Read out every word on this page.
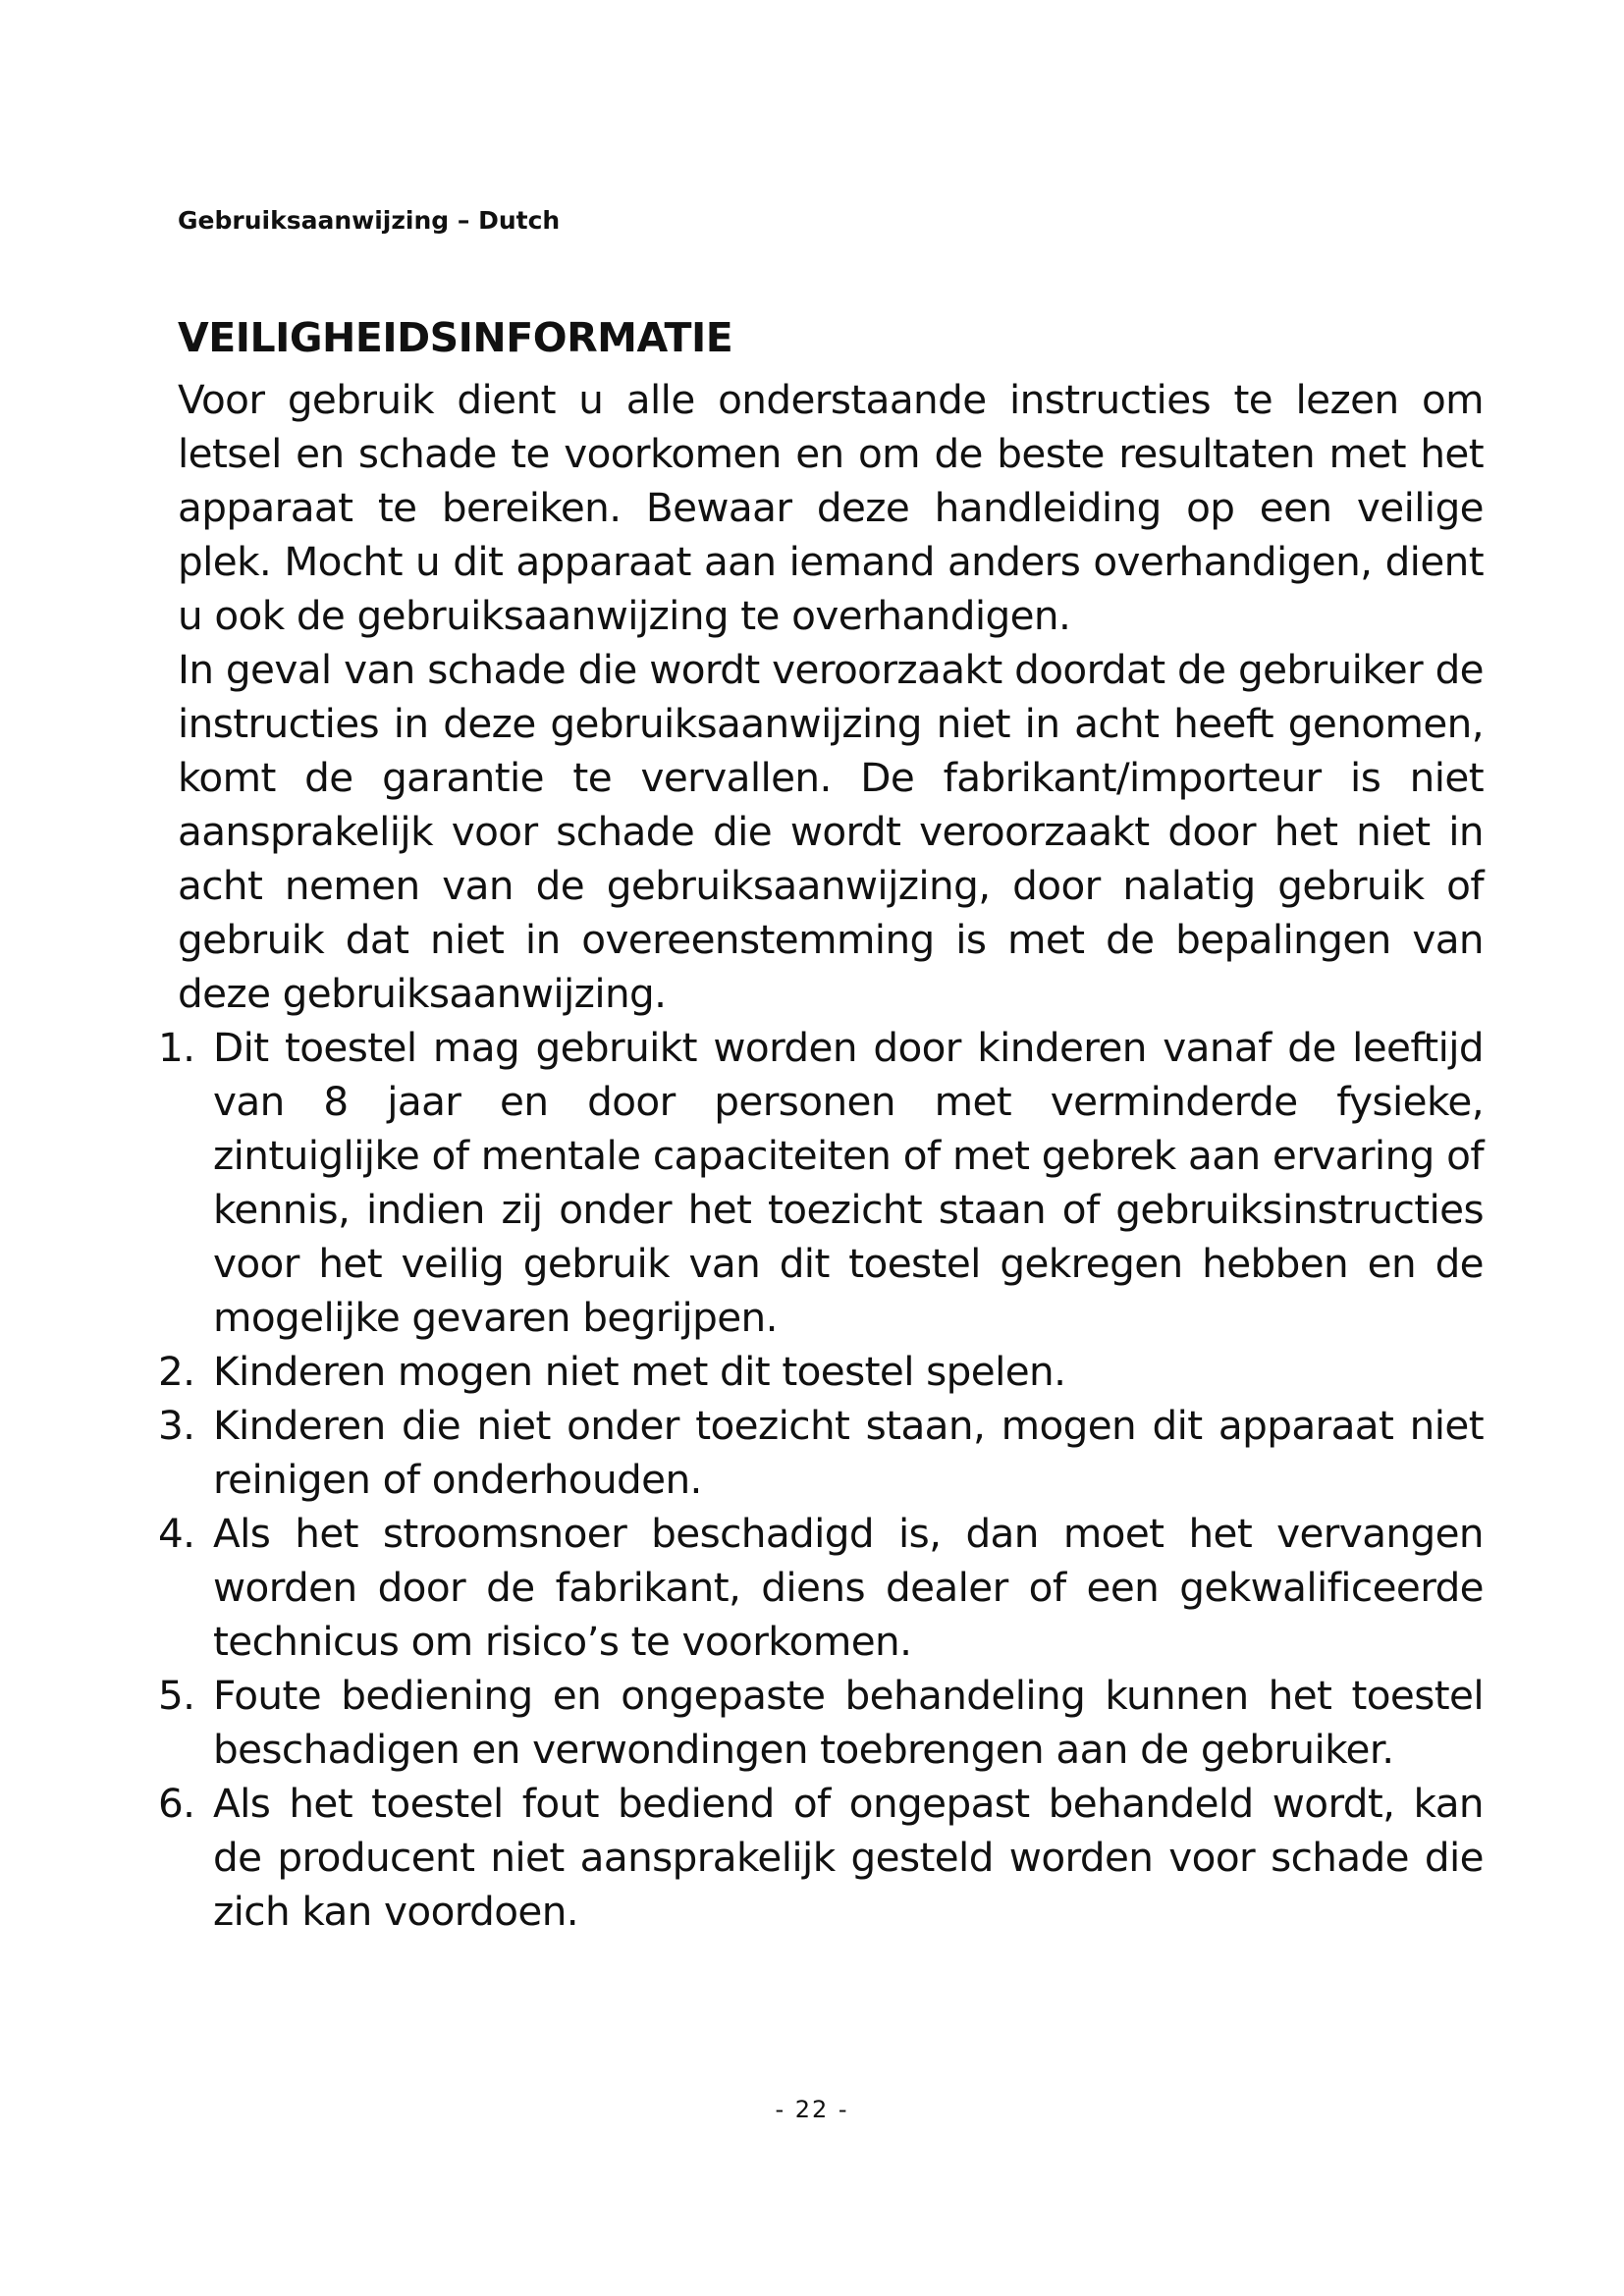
Gebruiksaanwijzing – Dutch
VEILIGHEIDSINFORMATIE

Voor gebruik dient u alle onderstaande instructies te lezen om letsel en schade te voorkomen en om de beste resultaten met het apparaat te bereiken. Bewaar deze handleiding op een veilige plek. Mocht u dit apparaat aan iemand anders overhandigen, dient u ook de gebruiksaanwijzing te overhandigen.

In geval van schade die wordt veroorzaakt doordat de gebruiker de instructies in deze gebruiksaanwijzing niet in acht heeft genomen, komt de garantie te vervallen. De fabrikant/importeur is niet aansprakelijk voor schade die wordt veroorzaakt door het niet in acht nemen van de gebruiksaanwijzing, door nalatig gebruik of gebruik dat niet in overeenstemming is met de bepalingen van deze gebruiksaanwijzing.

1. Dit toestel mag gebruikt worden door kinderen vanaf de leeftijd van 8 jaar en door personen met verminderde fysieke, zintuiglijke of mentale capaciteiten of met gebrek aan ervaring of kennis, indien zij onder het toezicht staan of gebruiksinstructies voor het veilig gebruik van dit toestel gekregen hebben en de mogelijke gevaren begrijpen.
2. Kinderen mogen niet met dit toestel spelen.
3. Kinderen die niet onder toezicht staan, mogen dit apparaat niet reinigen of onderhouden.
4. Als het stroomsnoer beschadigd is, dan moet het vervangen worden door de fabrikant, diens dealer of een gekwalificeerde technicus om risico’s te voorkomen.
5. Foute bediening en ongepaste behandeling kunnen het toestel beschadigen en verwondingen toebrengen aan de gebruiker.
6. Als het toestel fout bediend of ongepast behandeld wordt, kan de producent niet aansprakelijk gesteld worden voor schade die zich kan voordoen.
- 22 -
